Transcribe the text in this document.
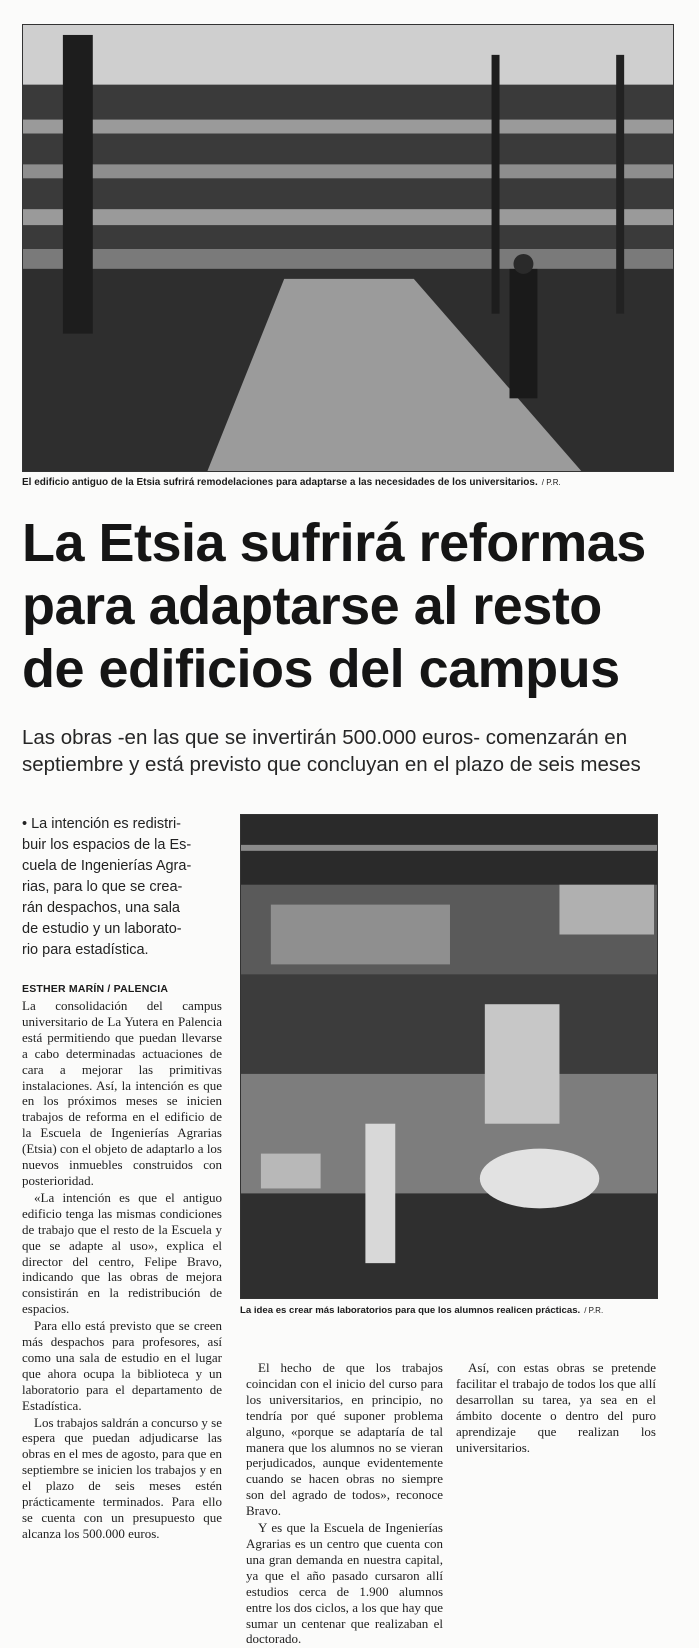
El edificio antiguo de la Etsia sufrirá remodelaciones para adaptarse a las necesidades de los universitarios. / P.R.
La Etsia sufrirá reformas
para adaptarse al resto
de edificios del campus
Las obras -en las que se invertirán 500.000 euros- comenzarán en
septiembre y está previsto que concluyan en el plazo de seis meses
• La intención es redistri-
buir los espacios de la Es-
cuela de Ingenierías Agra-
rias, para lo que se crea-
rán despachos, una sala
de estudio y un laborato-
rio para estadística.
ESTHER MARÍN / PALENCIA

La consolidación del campus universitario de La Yutera en Palencia está permitiendo que puedan llevarse a cabo determinadas actuaciones de cara a mejorar las primitivas instalaciones. Así, la intención es que en los próximos meses se inicien trabajos de reforma en el edificio de la Escuela de Ingenierías Agrarias (Etsia) con el objeto de adaptarlo a los nuevos inmuebles construidos con posterioridad.

«La intención es que el antiguo edificio tenga las mismas condiciones de trabajo que el resto de la Escuela y que se adapte al uso», explica el director del centro, Felipe Bravo, indicando que las obras de mejora consistirán en la redistribución de espacios.

Para ello está previsto que se creen más despachos para profesores, así como una sala de estudio en el lugar que ahora ocupa la biblioteca y un laboratorio para el departamento de Estadística.

Los trabajos saldrán a concurso y se espera que puedan adjudicarse las obras en el mes de agosto, para que en septiembre se inicien los trabajos y en el plazo de seis meses estén prácticamente terminados. Para ello se cuenta con un presupuesto que alcanza los 500.000 euros.

La idea es crear más laboratorios para que los alumnos realicen prácticas. / P.R.

El hecho de que los trabajos coincidan con el inicio del curso para los universitarios, en principio, no tendría por qué suponer problema alguno, «porque se adaptaría de tal manera que los alumnos no se vieran perjudicados, aunque evidentemente cuando se hacen obras no siempre son del agrado de todos», reconoce Bravo.

Y es que la Escuela de Ingenierías Agrarias es un centro que cuenta con una gran demanda en nuestra capital, ya que el año pasado cursaron allí estudios cerca de 1.900 alumnos entre los dos ciclos, a los que hay que sumar un centenar que realizaban el doctorado.

Así, con estas obras se pretende facilitar el trabajo de todos los que allí desarrollan su tarea, ya sea en el ámbito docente o dentro del puro aprendizaje que realizan los universitarios.
